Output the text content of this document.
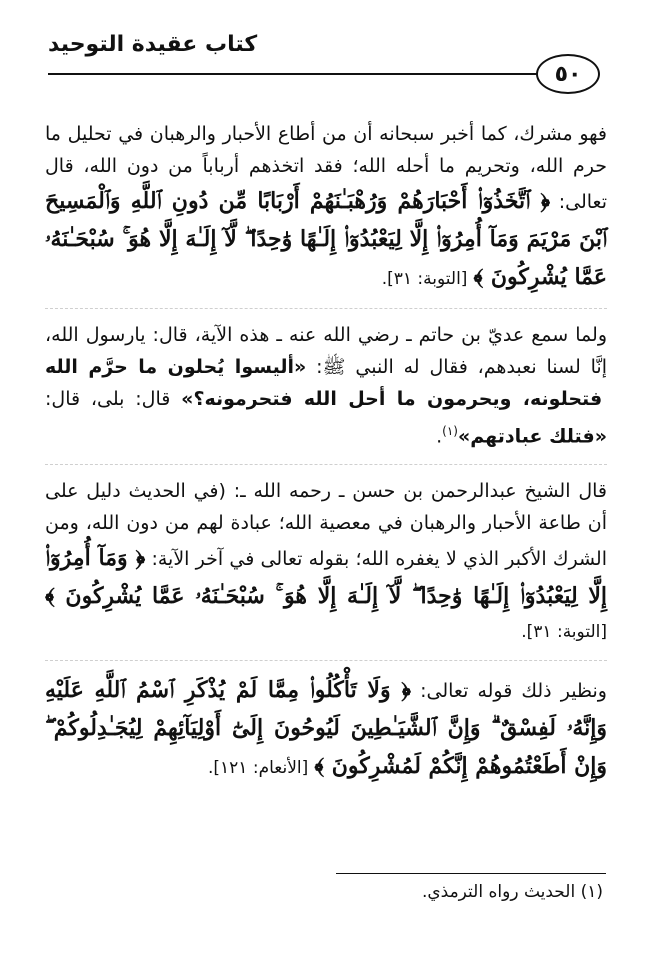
كتاب عقيدة التوحيد
٥٠

فهو مشرك، كما أخبر سبحانه أن من أطاع الأحبار والرهبان في تحليل ما حرم الله، وتحريم ما أحله الله؛ فقد اتخذهم أرباباً من دون الله، قال تعالى: ﴿ ٱتَّخَذُوٓا۟ أَحْبَارَهُمْ وَرُهْبَـٰنَهُمْ أَرْبَابًا مِّن دُونِ ٱللَّهِ وَٱلْمَسِيحَ ٱبْنَ مَرْيَمَ وَمَآ أُمِرُوٓا۟ إِلَّا لِيَعْبُدُوٓا۟ إِلَـٰهًا وَٰحِدًا ۖ لَّآ إِلَـٰهَ إِلَّا هُوَ ۚ سُبْحَـٰنَهُۥ عَمَّا يُشْرِكُونَ ﴾ [التوبة: ٣١].

ولما سمع عديّ بن حاتم ـ رضي الله عنه ـ هذه الآية، قال: يارسول الله، إنَّا لسنا نعبدهم، فقال له النبي ﷺ: «أليسوا يُحلون ما حرَّم الله فتحلونه، ويحرمون ما أحل الله فتحرمونه؟» قال: بلى، قال: «فتلك عبادتهم»$^{(١)}$.

قال الشيخ عبدالرحمن بن حسن ـ رحمه الله ـ: (في الحديث دليل على أن طاعة الأحبار والرهبان في معصية الله؛ عبادة لهم من دون الله، ومن الشرك الأكبر الذي لا يغفره الله؛ بقوله تعالى في آخر الآية: ﴿ وَمَآ أُمِرُوٓا۟ إِلَّا لِيَعْبُدُوٓا۟ إِلَـٰهًا وَٰحِدًا ۖ لَّآ إِلَـٰهَ إِلَّا هُوَ ۚ سُبْحَـٰنَهُۥ عَمَّا يُشْرِكُونَ ﴾ [التوبة: ٣١].

ونظير ذلك قوله تعالى: ﴿ وَلَا تَأْكُلُوا۟ مِمَّا لَمْ يُذْكَرِ ٱسْمُ ٱللَّهِ عَلَيْهِ وَإِنَّهُۥ لَفِسْقٌ ۗ وَإِنَّ ٱلشَّيَـٰطِينَ لَيُوحُونَ إِلَىٰٓ أَوْلِيَآئِهِمْ لِيُجَـٰدِلُوكُمْ ۖ وَإِنْ أَطَعْتُمُوهُمْ إِنَّكُمْ لَمُشْرِكُونَ ﴾ [الأنعام: ١٢١].

(١) الحديث رواه الترمذي.
